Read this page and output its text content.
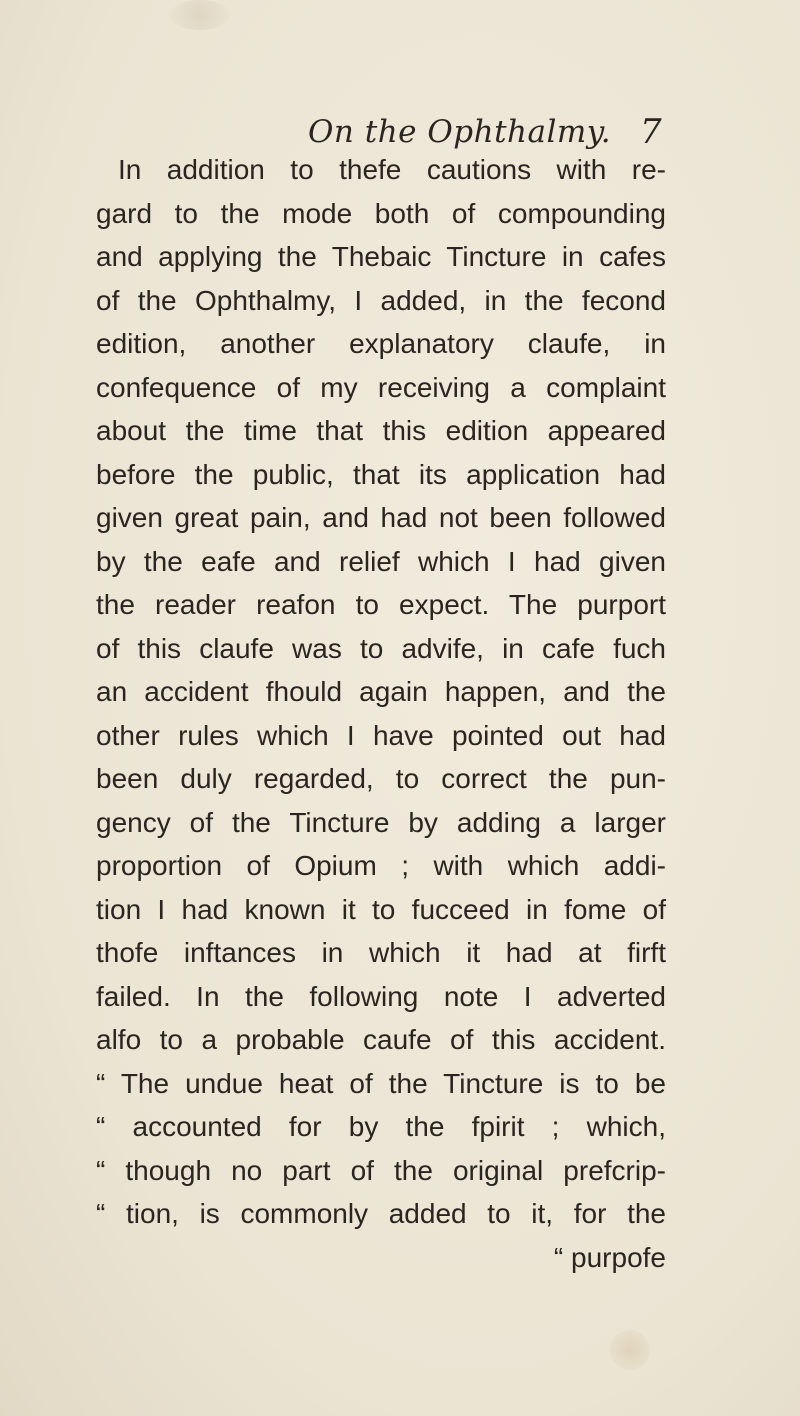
On the Ophthalmy. 7
In addition to thefe cautions with re-
gard to the mode both of compounding
and applying the Thebaic Tincture in cafes
of the Ophthalmy, I added, in the fecond
edition, another explanatory claufe, in
confequence of my receiving a complaint
about the time that this edition appeared
before the public, that its application had
given great pain, and had not been followed
by the eafe and relief which I had given
the reader reafon to expect. The purport
of this claufe was to advife, in cafe fuch
an accident fhould again happen, and the
other rules which I have pointed out had
been duly regarded, to correct the pun-
gency of the Tincture by adding a larger
proportion of Opium ; with which addi-
tion I had known it to fucceed in fome of
thofe inftances in which it had at firft
failed. In the following note I adverted
alfo to a probable caufe of this accident.
“ The undue heat of the Tincture is to be
“ accounted for by the fpirit ; which,
“ though no part of the original prefcrip-
“ tion, is commonly added to it, for the
“ purpofe
